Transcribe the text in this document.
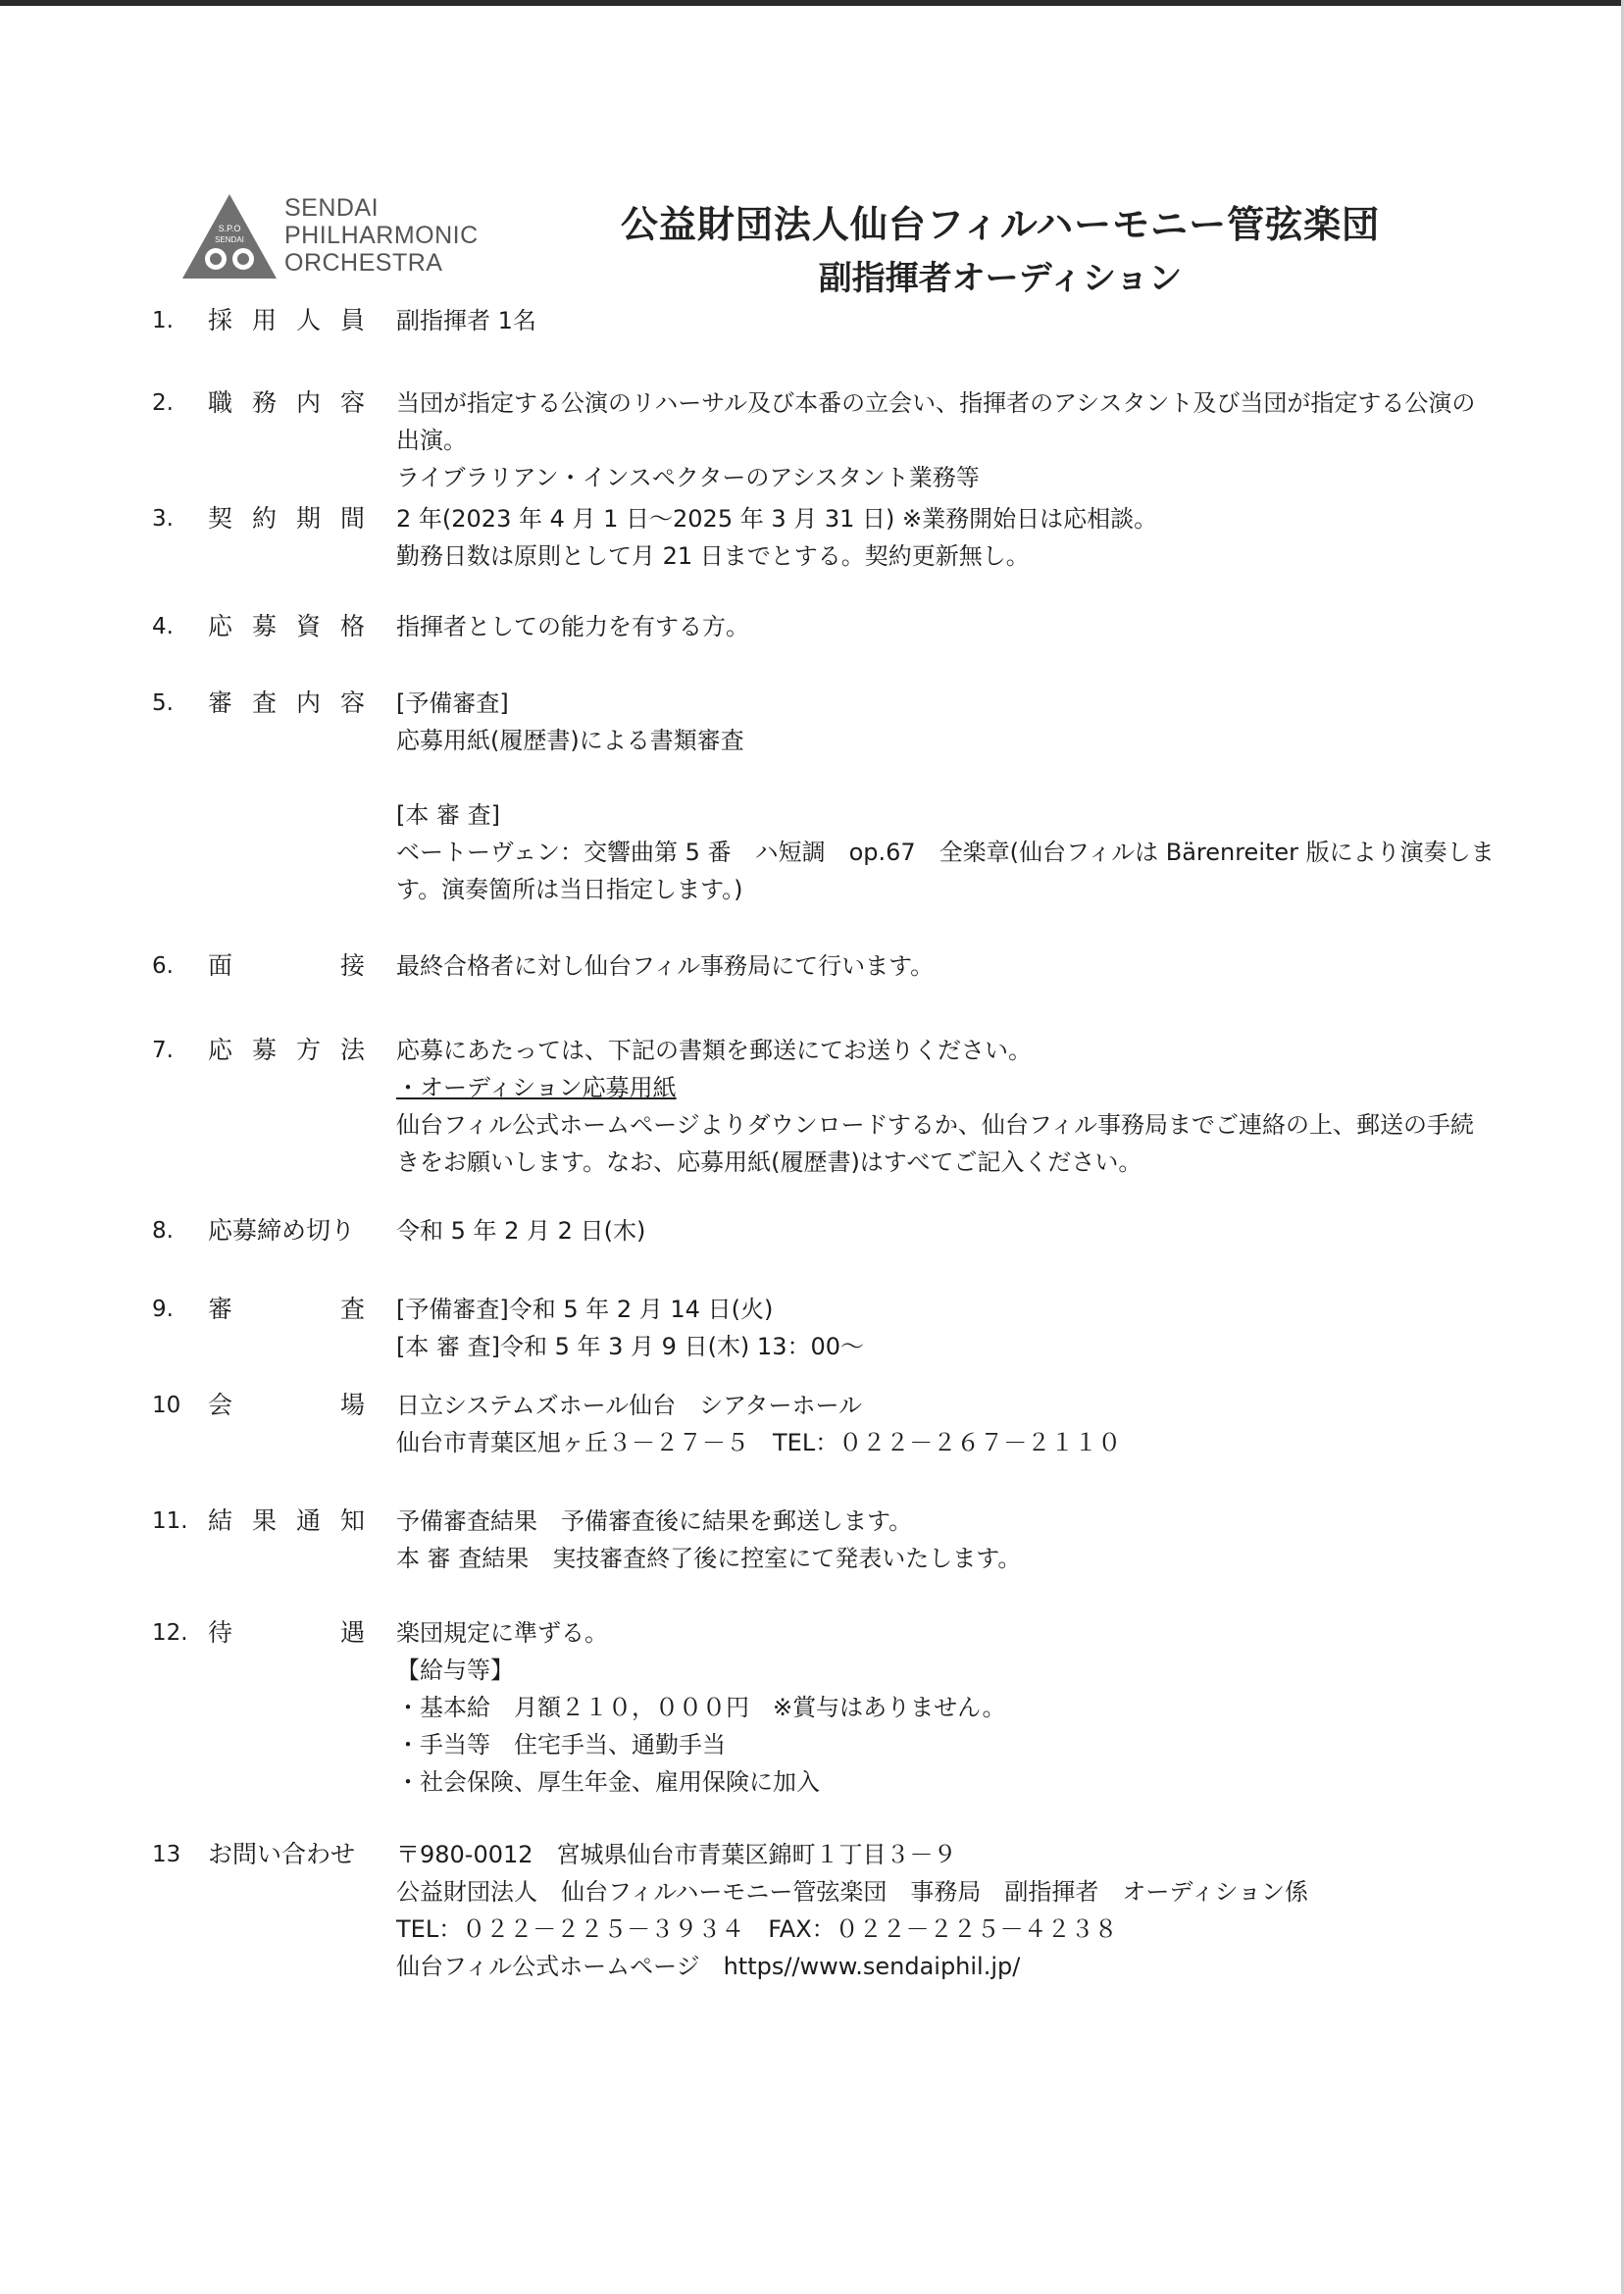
S.P.O
SENDAI
SENDAI
PHILHARMONIC
ORCHESTRA
公益財団法人仙台フィルハーモニー管弦楽団
副指揮者オーディション
1. 採 用 人 員 副指揮者 1名
2. 職 務 内 容 当団が指定する公演のリハーサル及び本番の立会い、指揮者のアシスタント及び当団が指定する公演の出演。
ライブラリアン・インスペクターのアシスタント業務等
3. 契 約 期 間 2 年(2023 年 4 月 1 日～2025 年 3 月 31 日) ※業務開始日は応相談。
勤務日数は原則として月 21 日までとする。契約更新無し。
4. 応 募 資 格 指揮者としての能力を有する方。
5. 審 査 内 容 [予備審査]
応募用紙(履歴書)による書類審査

[本 審 査]
ベートーヴェン：交響曲第 5 番　ハ短調　op.67　全楽章(仙台フィルは Bärenreiter 版により演奏します。演奏箇所は当日指定します。)
6. 面	接 最終合格者に対し仙台フィル事務局にて行います。
7. 応 募 方 法 応募にあたっては、下記の書類を郵送にてお送りください。
・オーディション応募用紙
仙台フィル公式ホームページよりダウンロードするか、仙台フィル事務局までご連絡の上、郵送の手続きをお願いします。なお、応募用紙(履歴書)はすべてご記入ください。
8. 応募締め切り 令和 5 年 2 月 2 日(木)
9. 審	査 [予備審査]令和 5 年 2 月 14 日(火)
[本 審 査]令和 5 年 3 月 9 日(木) 13：00～
10 会	場 日立システムズホール仙台　シアターホール
仙台市青葉区旭ヶ丘３－２７－５　TEL：０２２－２６７－２１１０
11. 結 果 通 知 予備審査結果　予備審査後に結果を郵送します。
本 審 査結果　実技審査終了後に控室にて発表いたします。
12. 待	遇 楽団規定に準ずる。
【給与等】
・基本給　月額２１０，０００円　※賞与はありません。
・手当等　住宅手当、通勤手当
・社会保険、厚生年金、雇用保険に加入
13 お問い合わせ 〒980-0012　宮城県仙台市青葉区錦町１丁目３－９
公益財団法人　仙台フィルハーモニー管弦楽団　事務局　副指揮者　オーディション係
TEL：０２２－２２５－３９３４　FAX：０２２－２２５－４２３８
仙台フィル公式ホームページ　https//www.sendaiphil.jp/
